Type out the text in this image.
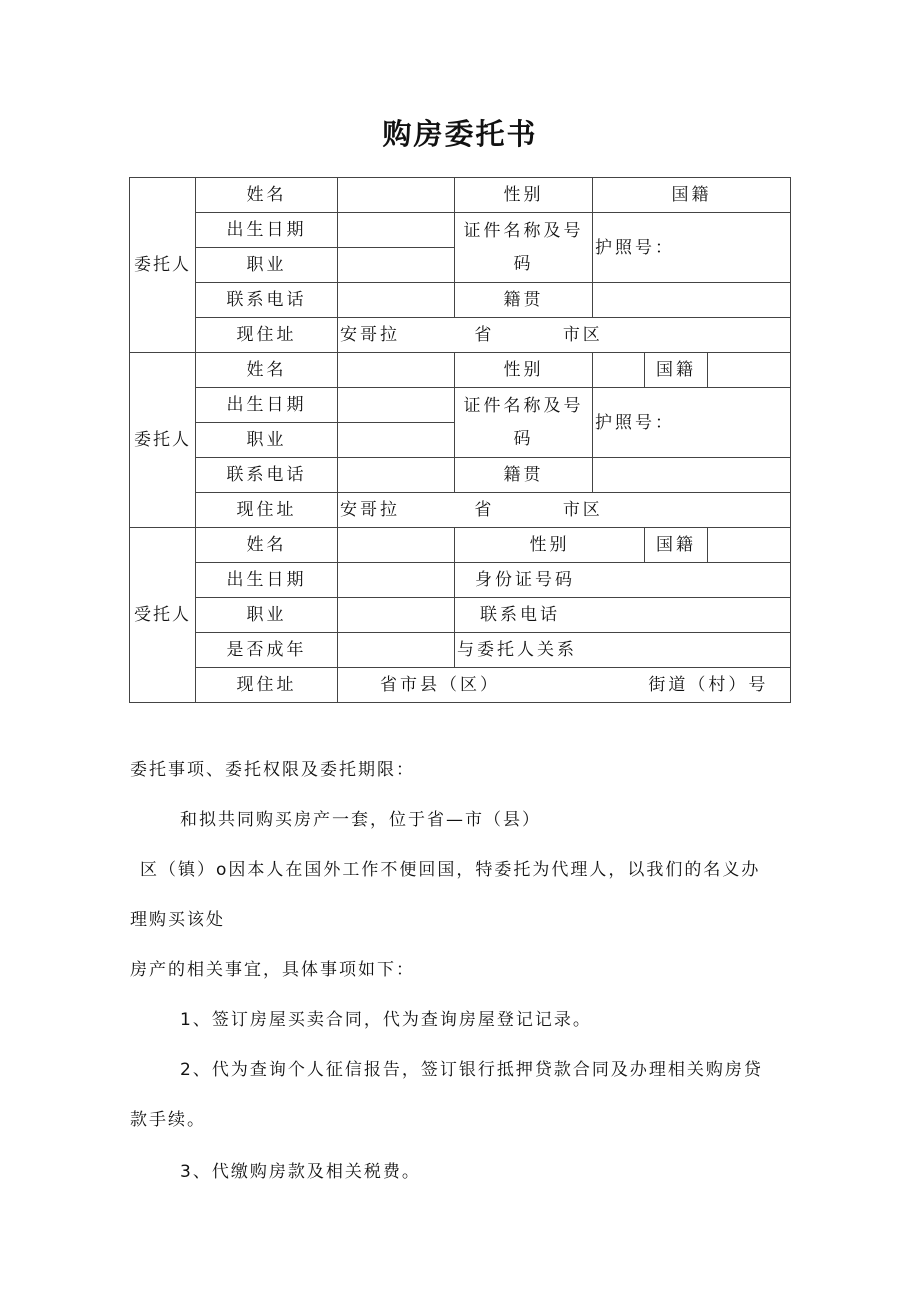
购房委托书
委托人	姓名		性别	国籍		
	出生日期		证件名称及号码	护照号：		
	职业					
	联系电话		籍贯			
	现住址	安哥拉 省 市区				
委托人	姓名		性别		国籍	
	出生日期		证件名称及号码	护照号：		
	职业					
	联系电话		籍贯			
	现住址	安哥拉 省 市区				
受托人	姓名		性别		国籍	
	出生日期		身份证号码			
	职业		联系电话			
	是否成年		与委托人关系			
	现住址	省市县（区） 街道（村）号				

委托事项、委托权限及委托期限：

和拟共同购买房产一套，位于省—市（县）

区（镇）o因本人在国外工作不便回国，特委托为代理人，以我们的名义办

理购买该处

房产的相关事宜，具体事项如下：

1、签订房屋买卖合同，代为查询房屋登记记录。

2、代为查询个人征信报告，签订银行抵押贷款合同及办理相关购房贷

款手续。

3、代缴购房款及相关税费。
